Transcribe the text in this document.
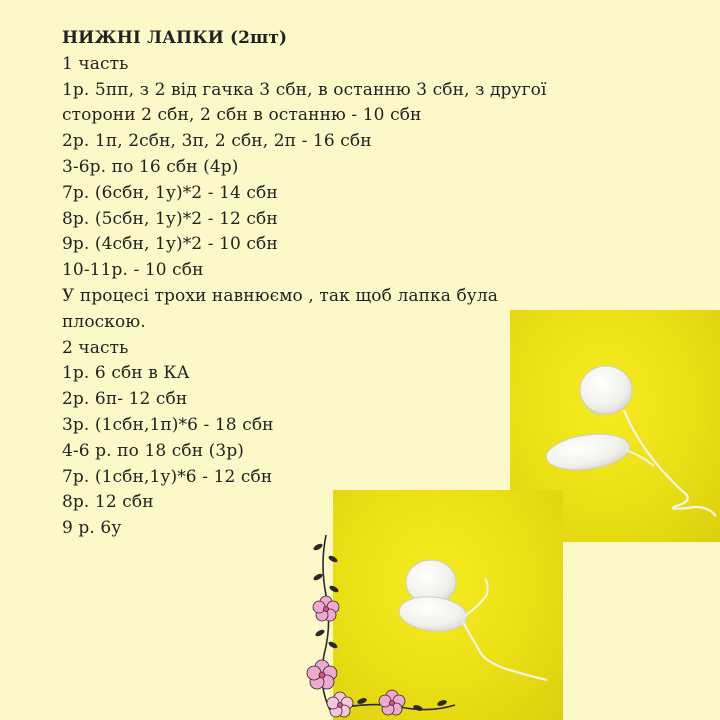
НИЖНІ ЛАПКИ (2шт)
1 часть
1р. 5пп, з 2 від гачка 3 сбн, в останню 3 сбн, з другої
сторони 2 сбн, 2 сбн в останню - 10 сбн
2р. 1п, 2сбн, 3п, 2 сбн, 2п - 16 сбн
3-6р. по 16 сбн (4р)
7р. (6сбн, 1у)*2 - 14 сбн
8р. (5сбн, 1у)*2 - 12 сбн
9р. (4сбн, 1у)*2 - 10 сбн
10-11р. - 10 сбн
У процесі трохи навнюємо , так щоб лапка була
плоскою.
2 часть
1р. 6 сбн в КА
2р. 6п- 12 сбн
3р. (1сбн,1п)*6 - 18 сбн
4-6 р. по 18 сбн (3р)
7р. (1сбн,1у)*6 - 12 сбн
8р. 12 сбн
9 р. 6у
